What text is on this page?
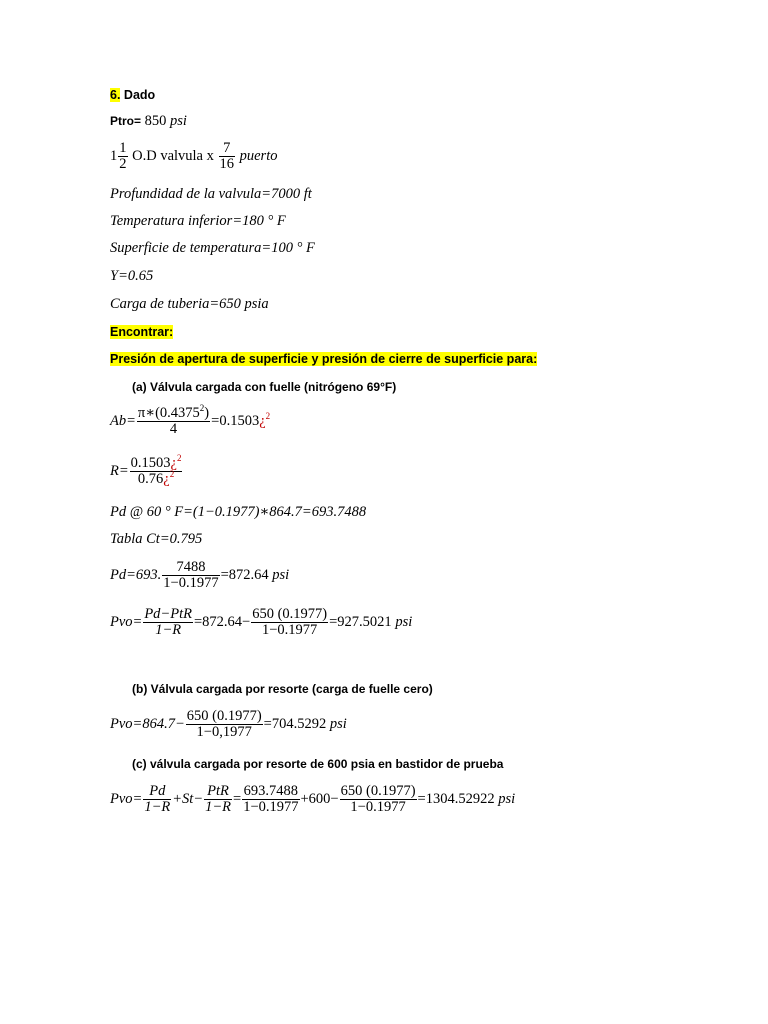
6. Dado
Ptro= 850 psi
$1 \frac{1}{2} O.D$ valvula x $\frac{7}{16}$ puerto
Profundidad de la valvula=7000 ft
Temperatura inferior=180 ° F
Superficie de temperatura=100 ° F
Y=0.65
Carga de tuberia=650 psia
Encontrar:
Presión de apertura de superficie y presión de cierre de superficie para:
(a) Válvula cargada con fuelle (nitrógeno 69°F)
$Ab= \frac{\pi∗(0.4375^2)}{4}$ =0.1503¿$^2$
$R= \frac{0.1503¿^2}{0.76¿^2}$
Pd @ 60 ° F=(1−0.1977)∗864.7=693.7488
Tabla Ct=0.795
Pd=693. $\frac{7488}{1-0.1977} =872.64$ psi
$Pvo= \frac{\text{Pd−PtR}}{1-R} =872.64- \frac{650 (0.1977)}{1-0.1977} =927.5021$ psi
(b) Válvula cargada por resorte (carga de fuelle cero)
$Pvo=864.7- \frac{650 (0.1977)}{1-0,1977} =704.5292$ psi
(c) válvula cargada por resorte de 600 psia en bastidor de prueba
$Pvo= \frac{Pd}{1-R} +St- \frac{\text{PtR}}{1-R} = \frac{693.7488}{1-0.1977} +600- \frac{650 (0.1977)}{1-0.1977} =1304.52922$ psi
